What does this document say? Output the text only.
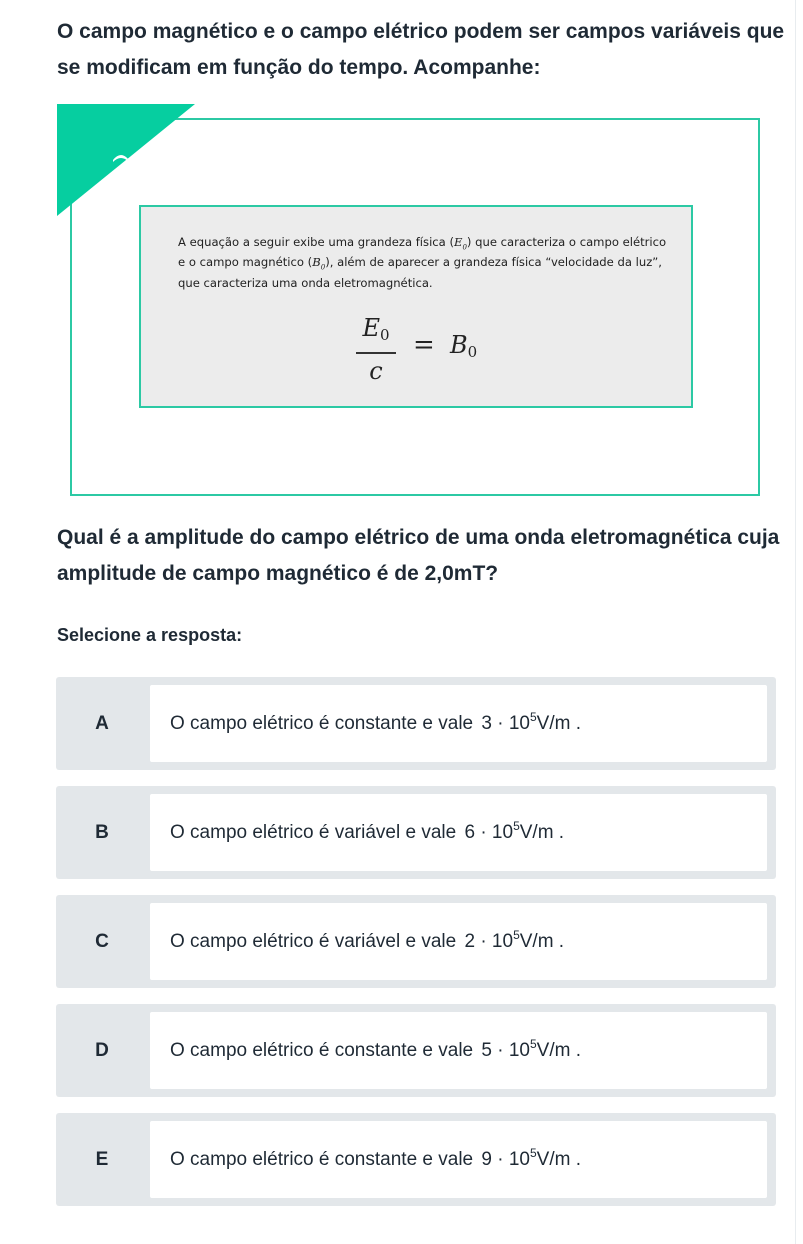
O campo magnético e o campo elétrico podem ser campos variáveis que se modificam em função do tempo. Acompanhe:

A equação a seguir exibe uma grandeza física $(E_0)$ que caracteriza o campo elétrico e o campo magnético $(B_0)$, além de aparecer a grandeza física “velocidade da luz”, que caracteriza uma onda eletromagnética.

$E_0$
c
= $B_0$

Qual é a amplitude do campo elétrico de uma onda eletromagnética cuja amplitude de campo magnético é de 2,0mT?

Selecione a resposta:

A	O campo elétrico é constante e vale $3 \cdot 10^5V/m$ .
B	O campo elétrico é variável e vale $6 \cdot 10^5V/m$ .
C	O campo elétrico é variável e vale $2 \cdot 10^5V/m$ .
D	O campo elétrico é constante e vale $5 \cdot 10^5V/m$ .
E	O campo elétrico é constante e vale $9 \cdot 10^5V/m$ .
